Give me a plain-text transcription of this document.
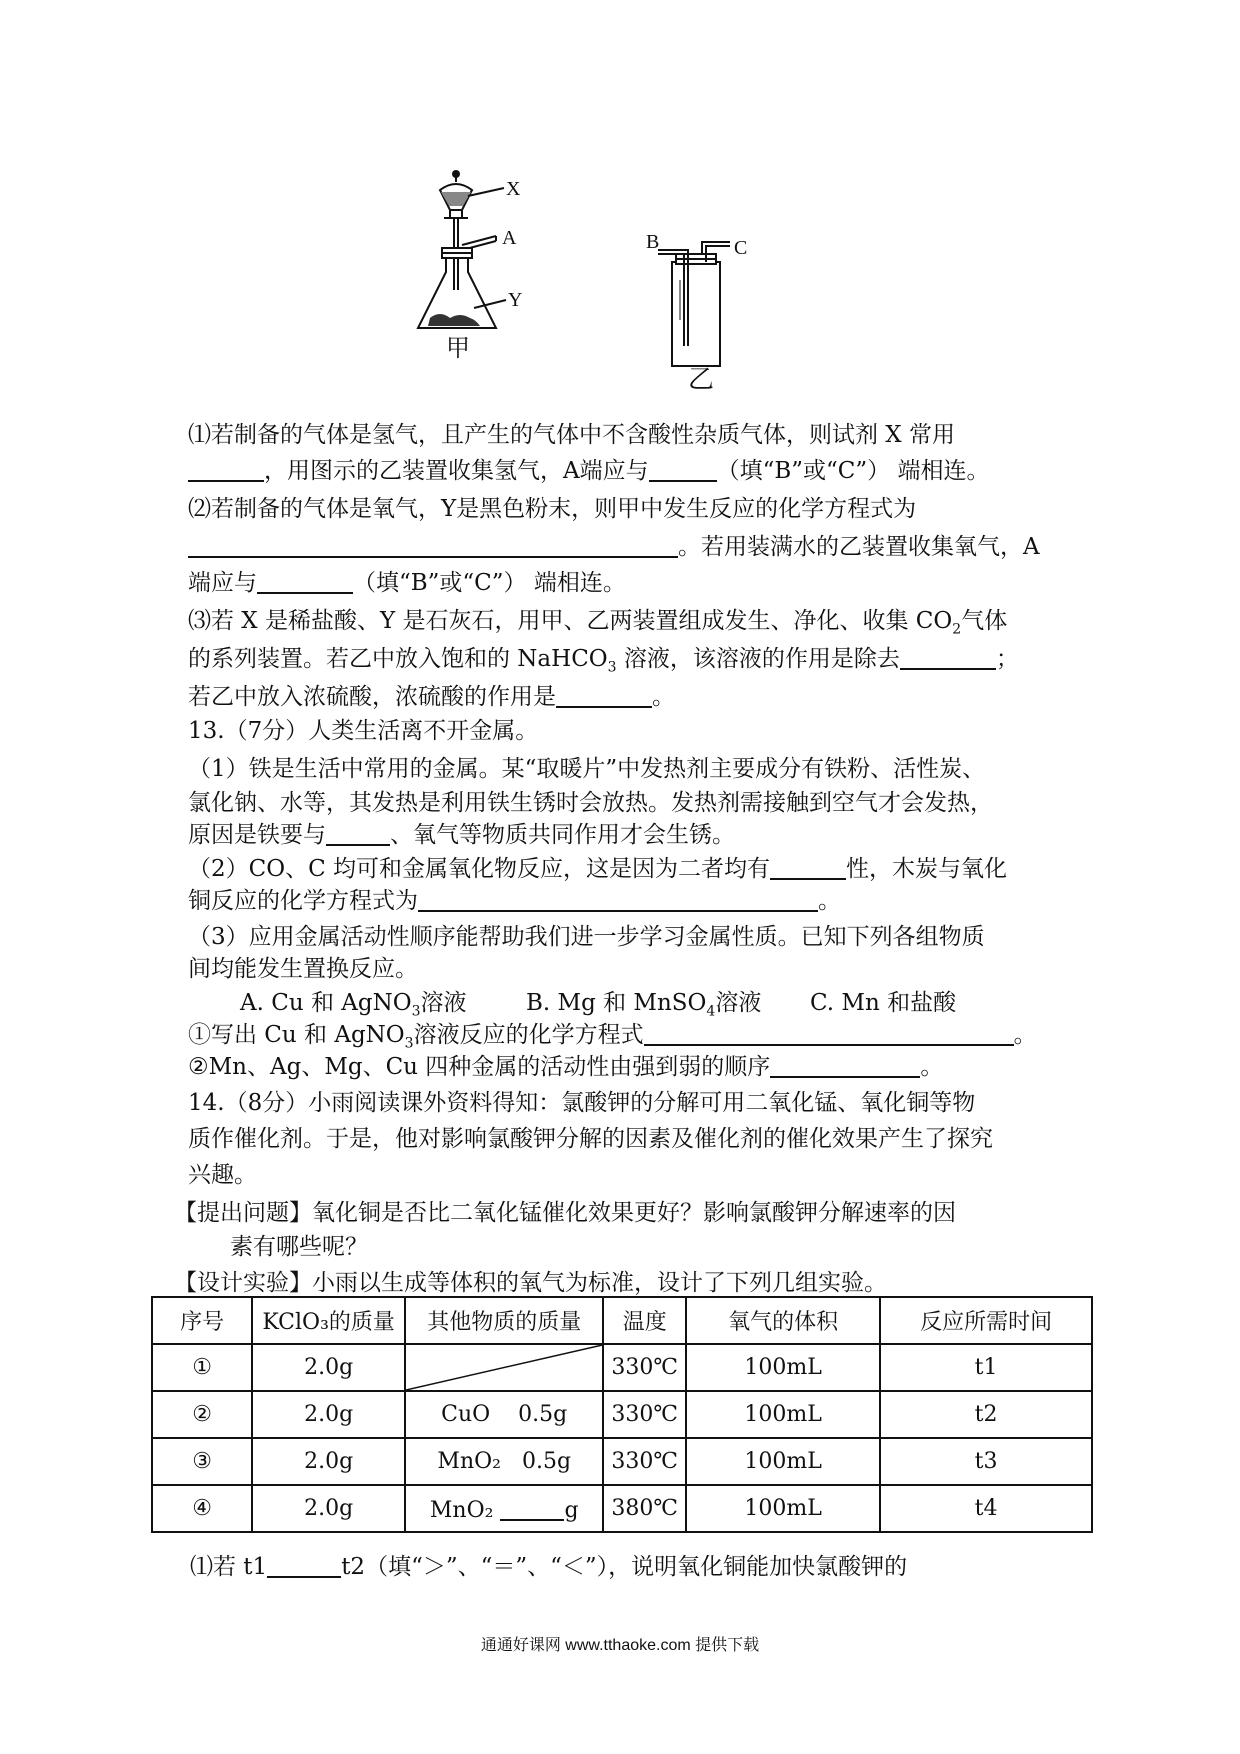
X
A
Y
甲
B	C
乙
⑴若制备的气体是氢气，且产生的气体中不含酸性杂质气体，则试剂 X 常用
，用图示的乙装置收集氢气，A端应与	（填“B”或“C”） 端相连。
⑵若制备的气体是氧气，Y是黑色粉末，则甲中发生反应的化学方程式为
。若用装满水的乙装置收集氧气，A
端应与	（填“B”或“C”） 端相连。
⑶若 X 是稀盐酸、Y 是石灰石，用甲、乙两装置组成发生、净化、收集 $CO_2$气体
的系列装置。若乙中放入饱和的 NaHCO$_3$ 溶液，该溶液的作用是除去	；
若乙中放入浓硫酸，浓硫酸的作用是	。
13.（7分）人类生活离不开金属。
（1）铁是生活中常用的金属。某“取暖片”中发热剂主要成分有铁粉、活性炭、
氯化钠、水等，其发热是利用铁生锈时会放热。发热剂需接触到空气才会发热，
原因是铁要与	、氧气等物质共同作用才会生锈。
（2）CO、C 均可和金属氧化物反应，这是因为二者均有	性，木炭与氧化
铜反应的化学方程式为	。
（3）应用金属活动性顺序能帮助我们进一步学习金属性质。已知下列各组物质
间均能发生置换反应。
A. Cu 和 AgNO$_3$溶液	B. Mg 和 MnSO$_4$溶液 C. Mn 和盐酸
①写出 Cu 和 AgNO$_3$溶液反应的化学方程式	。
②Mn、Ag、Mg、Cu 四种金属的活动性由强到弱的顺序	。
14.（8分）小雨阅读课外资料得知：氯酸钾的分解可用二氧化锰、氧化铜等物
质作催化剂。于是，他对影响氯酸钾分解的因素及催化剂的催化效果产生了探究
兴趣。
【提出问题】氧化铜是否比二氧化锰催化效果更好？影响氯酸钾分解速率的因
素有哪些呢？
【设计实验】小雨以生成等体积的氧气为标准，设计了下列几组实验。
序号	KClO₃的质量	其他物质的质量	温度	氧气的体积	反应所需时间
①	2.0g		330℃	100mL	t1
②	2.0g	CuO    0.5g	330℃	100mL	t2
③	2.0g	MnO₂   0.5g	330℃	100mL	t3
④	2.0g	MnO₂ g	380℃	100mL	t4
⑴若 t1	t2（填“＞”、“＝”、“＜”），说明氧化铜能加快氯酸钾的
通通好课网 www.tthaoke.com 提供下载
